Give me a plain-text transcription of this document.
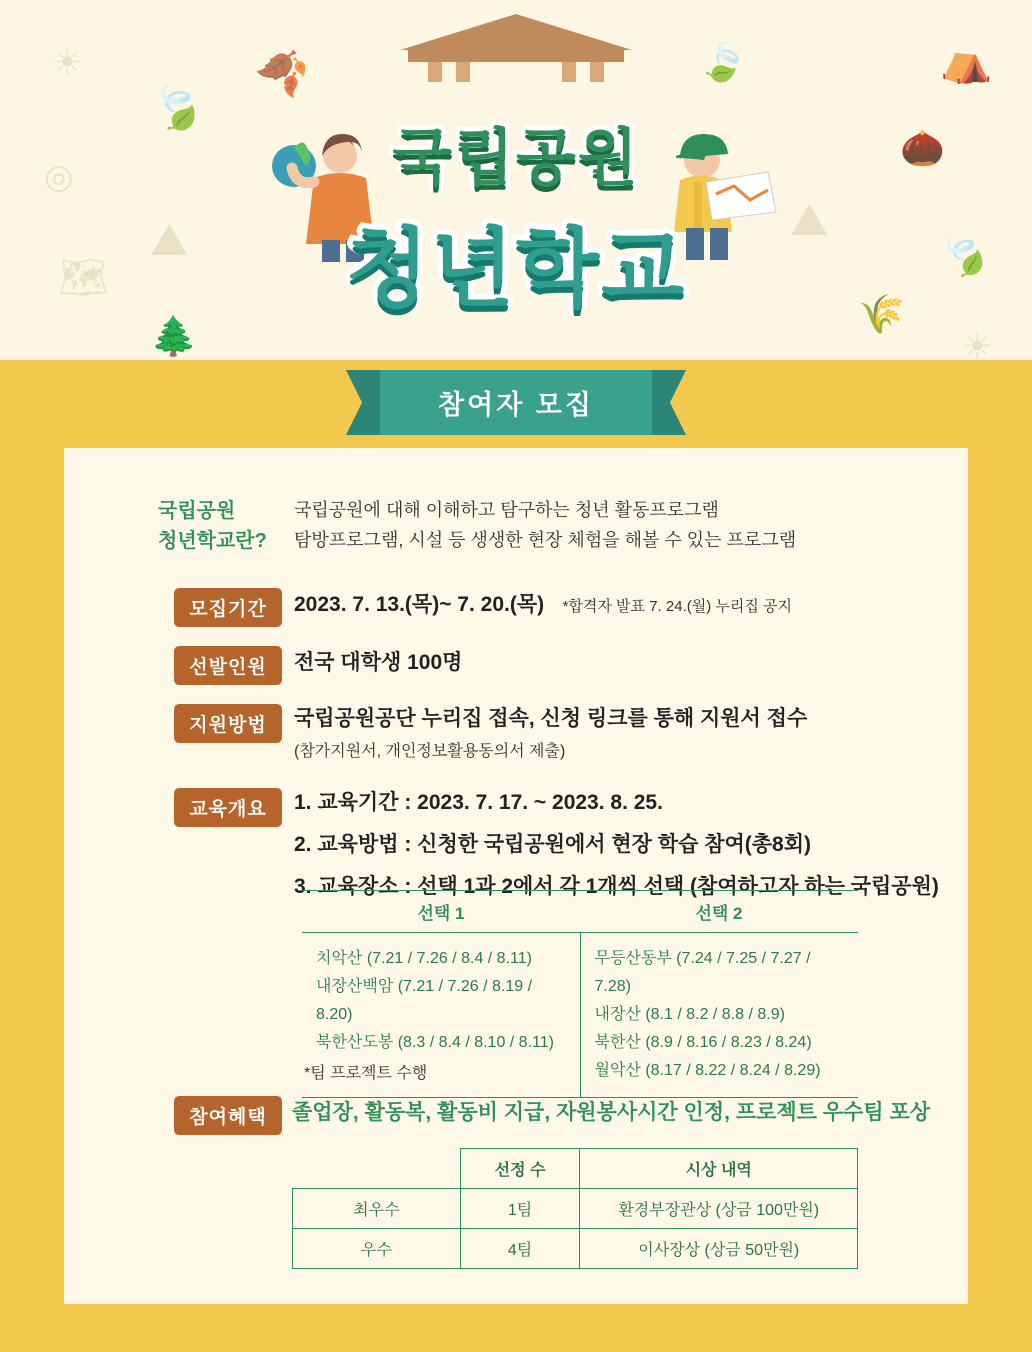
☀
🍃
◎
⛰
🗺
🌲
🍂	⛺
🌰
⛰
🍃
🌾
☀
🍃
국립공원
청년학교
참여자 모집
국립공원
청년학교란?
국립공원에 대해 이해하고 탐구하는 청년 활동프로그램
탐방프로그램, 시설 등 생생한 현장 체험을 해볼 수 있는 프로그램
모집기간	2023. 7. 13.(목)~ 7. 20.(목) *합격자 발표 7. 24.(월) 누리집 공지
선발인원	전국 대학생 100명
지원방법	국립공원공단 누리집 접속, 신청 링크를 통해 지원서 접수
(참가지원서, 개인정보활용동의서 제출)
교육개요	1. 교육기간 : 2023. 7. 17. ~ 2023. 8. 25.
2. 교육방법 : 신청한 국립공원에서 현장 학습 참여(총8회)
3. 교육장소 : 선택 1과 2에서 각 1개씩 선택 (참여하고자 하는 국립공원)
선택 1	선택 2

치악산 (7.21 / 7.26 / 8.4 / 8.11)
내장산백암 (7.21 / 7.26 / 8.19 / 8.20)
북한산도봉 (8.3 / 8.4 / 8.10 / 8.11)

무등산동부 (7.24 / 7.25 / 7.27 / 7.28)
내장산 (8.1 / 8.2 / 8.8 / 8.9)
북한산 (8.9 / 8.16 / 8.23 / 8.24)
월악산 (8.17 / 8.22 / 8.24 / 8.29)
*팀 프로젝트 수행
참여혜택	졸업장, 활동복, 활동비 지급, 자원봉사시간 인정, 프로젝트 우수팀 포상
	선정 수	시상 내역
최우수	1팀	환경부장관상 (상금 100만원)
우수	4팀	이사장상 (상금 50만원)
